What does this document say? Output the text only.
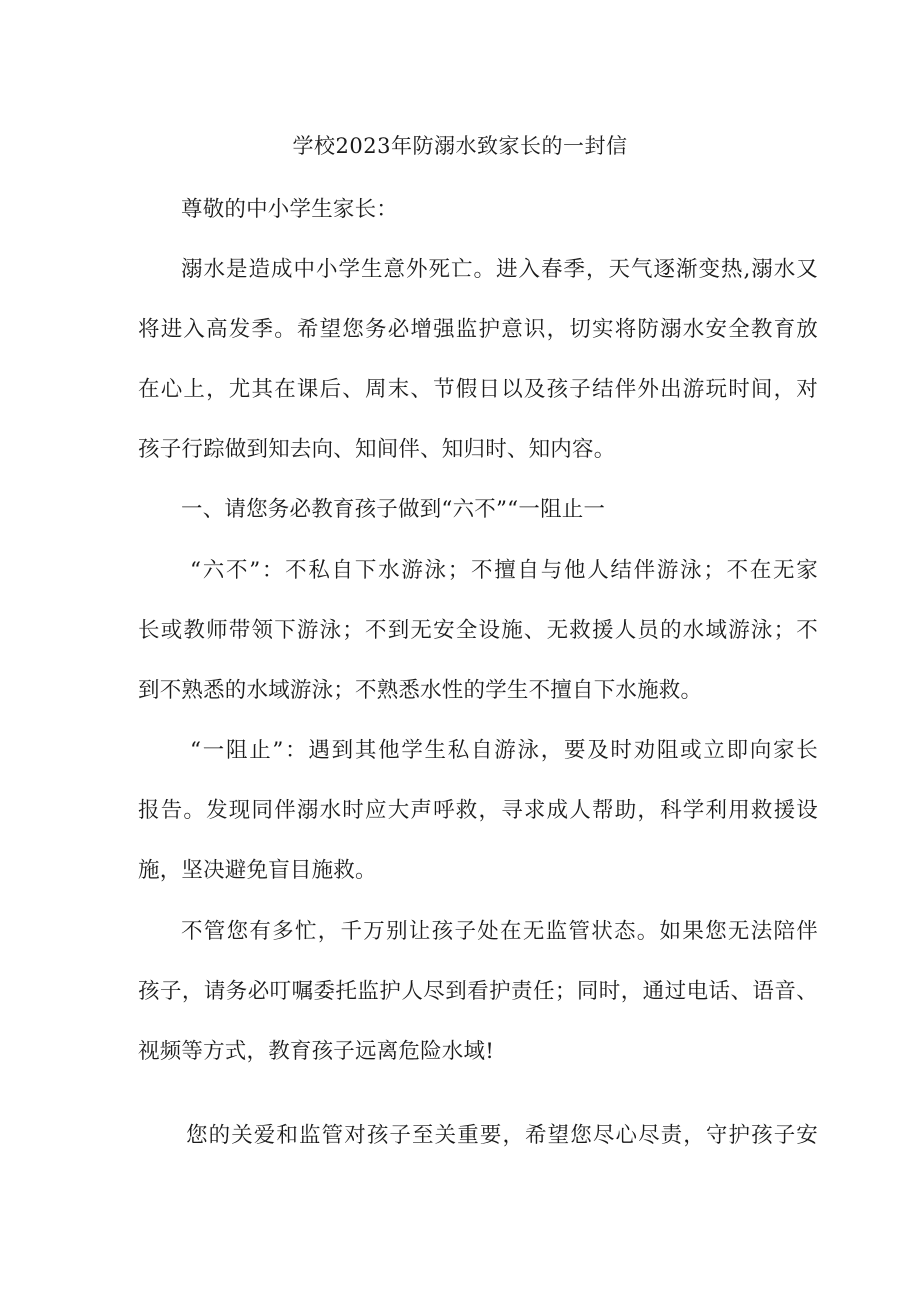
学校2023年防溺水致家长的一封信
尊敬的中小学生家长：
溺水是造成中小学生意外死亡。进入春季，天气逐渐变热,溺水又
将进入高发季。希望您务必增强监护意识，切实将防溺水安全教育放
在心上，尤其在课后、周末、节假日以及孩子结伴外出游玩时间，对
孩子行踪做到知去向、知间伴、知归时、知内容。
一、请您务必教育孩子做到“六不”“一阻止一
“六不”：不私自下水游泳；不擅自与他人结伴游泳；不在无家
长或教师带领下游泳；不到无安全设施、无救援人员的水域游泳；不
到不熟悉的水域游泳；不熟悉水性的学生不擅自下水施救。
“一阻止”：遇到其他学生私自游泳，要及时劝阻或立即向家长
报告。发现同伴溺水时应大声呼救，寻求成人帮助，科学利用救援设
施，坚决避免盲目施救。
不管您有多忙，千万别让孩子处在无监管状态。如果您无法陪伴
孩子，请务必叮嘱委托监护人尽到看护责任；同时，通过电话、语音、
视频等方式，教育孩子远离危险水域!
您的关爱和监管对孩子至关重要，希望您尽心尽责，守护孩子安
